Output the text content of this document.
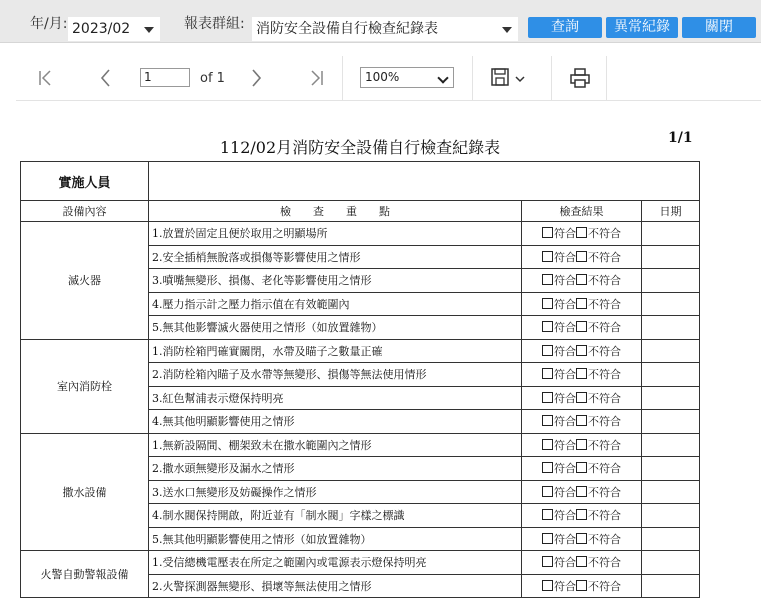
年/月: 2023/02	報表群組: 消防安全設備自行檢查紀錄表	查詢	異常紀錄	關閉
1	of 1	100%
112/02月消防安全設備自行檢查紀錄表	1/1
實施人員			
設備內容	檢　　查　　重　　點	檢查結果	日期
滅火器	1.放置於固定且便於取用之明顯場所	符合 不符合	
	2.安全插梢無脫落或損傷等影響使用之情形	符合 不符合	
	3.噴嘴無變形、損傷、老化等影響使用之情形	符合 不符合	
	4.壓力指示計之壓力指示值在有效範圍內	符合 不符合	
	5.無其他影響滅火器使用之情形（如放置雜物）	符合 不符合	
室內消防栓	1.消防栓箱門確實關閉，水帶及瞄子之數量正確	符合 不符合	
	2.消防栓箱內瞄子及水帶等無變形、損傷等無法使用情形	符合 不符合	
	3.紅色幫浦表示燈保持明亮	符合 不符合	
	4.無其他明顯影響使用之情形	符合 不符合	
撒水設備	1.無新設隔間、棚架致未在撒水範圍內之情形	符合 不符合	
	2.撒水頭無變形及漏水之情形	符合 不符合	
	3.送水口無變形及妨礙操作之情形	符合 不符合	
	4.制水閥保持開啟，附近並有「制水閥」字樣之標識	符合 不符合	
	5.無其他明顯影響使用之情形（如放置雜物）	符合 不符合	
火警自動警報設備	1.受信總機電壓表在所定之範圍內或電源表示燈保持明亮	符合 不符合	
	2.火警探測器無變形、損壞等無法使用之情形	符合 不符合	
